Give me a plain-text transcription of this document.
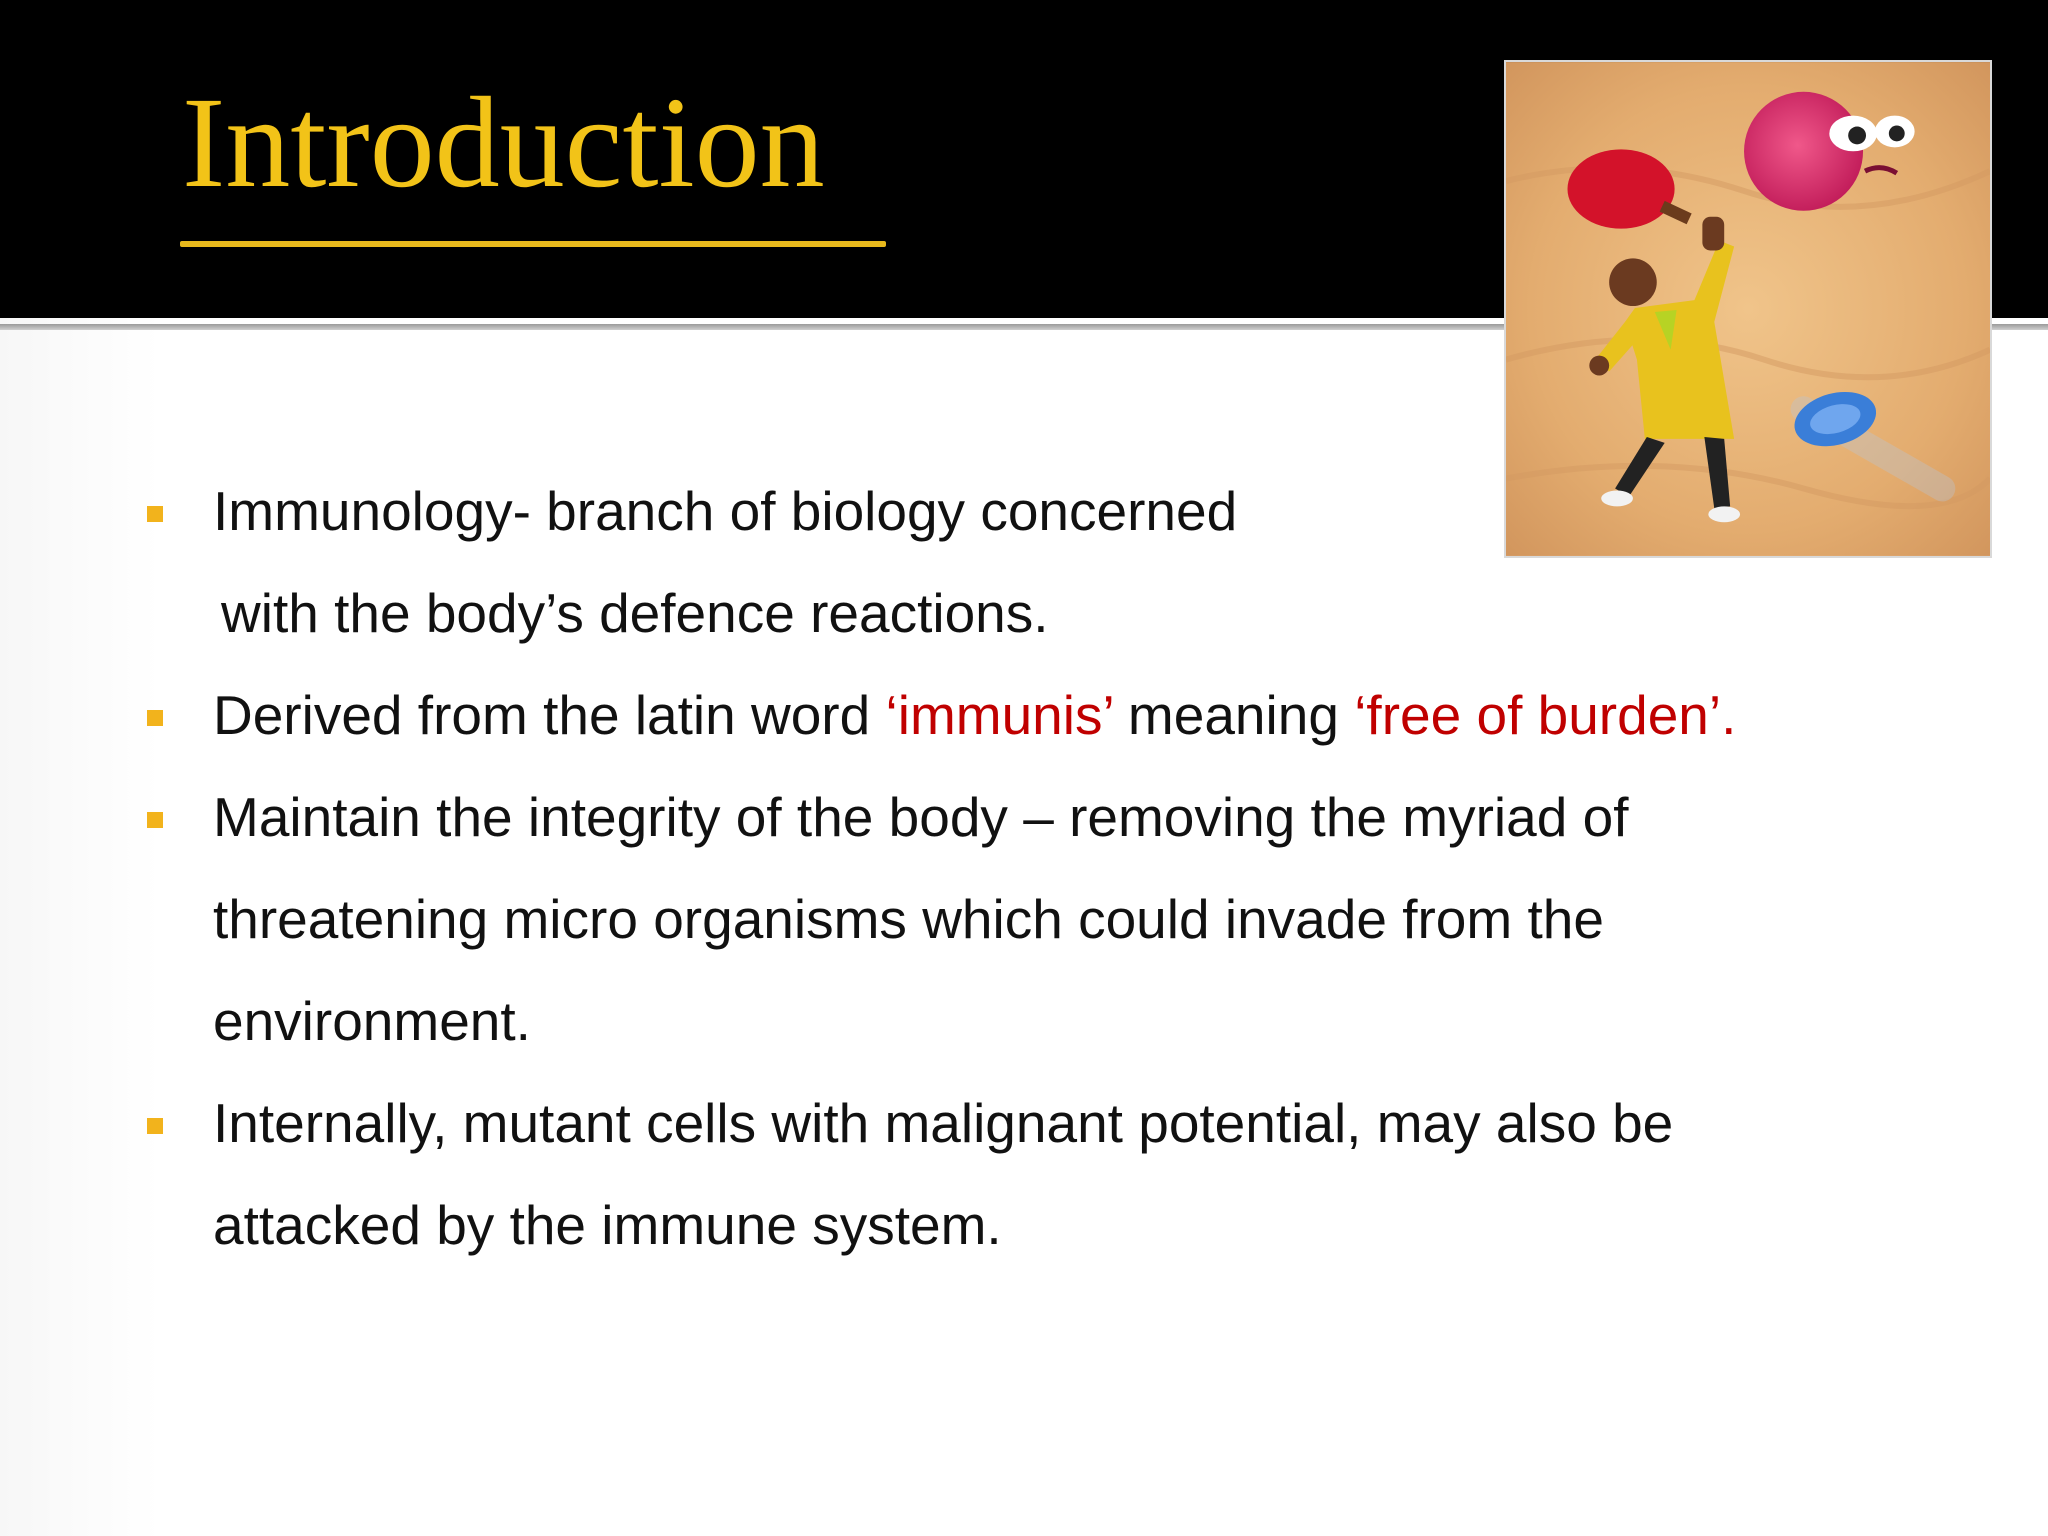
Introduction
Immunology- branch of biology concerned
with the body’s defence reactions.
Derived from the latin word ‘immunis’ meaning ‘free of burden’.
Maintain the integrity of the body – removing the myriad of
threatening micro organisms which could invade from the
environment.
Internally, mutant cells with malignant potential, may also be
attacked by the immune system.
